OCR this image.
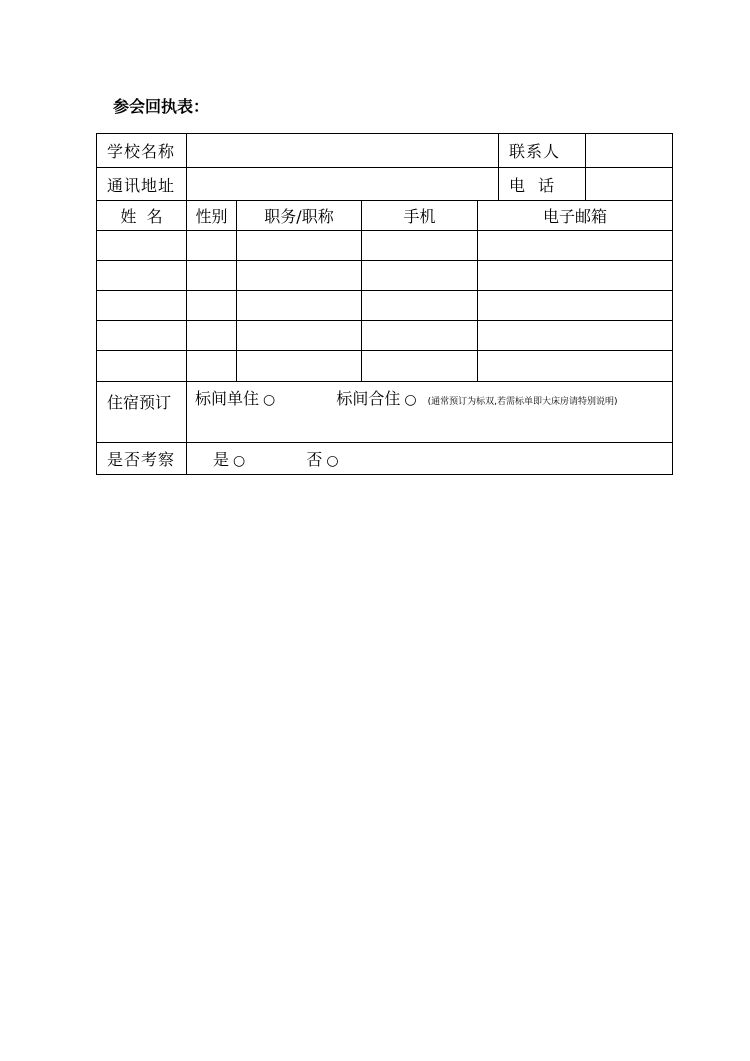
参会回执表：
学校名称					联系人	
通讯地址					电  话	
姓  名	性别	职务/职称	手机	电子邮箱		

住宿预订	标间单住 ○ 标间合住 ○ (通常预订为标双,若需标单即大床房请特别说明)					
是否考察	是 ○ 否 ○					
